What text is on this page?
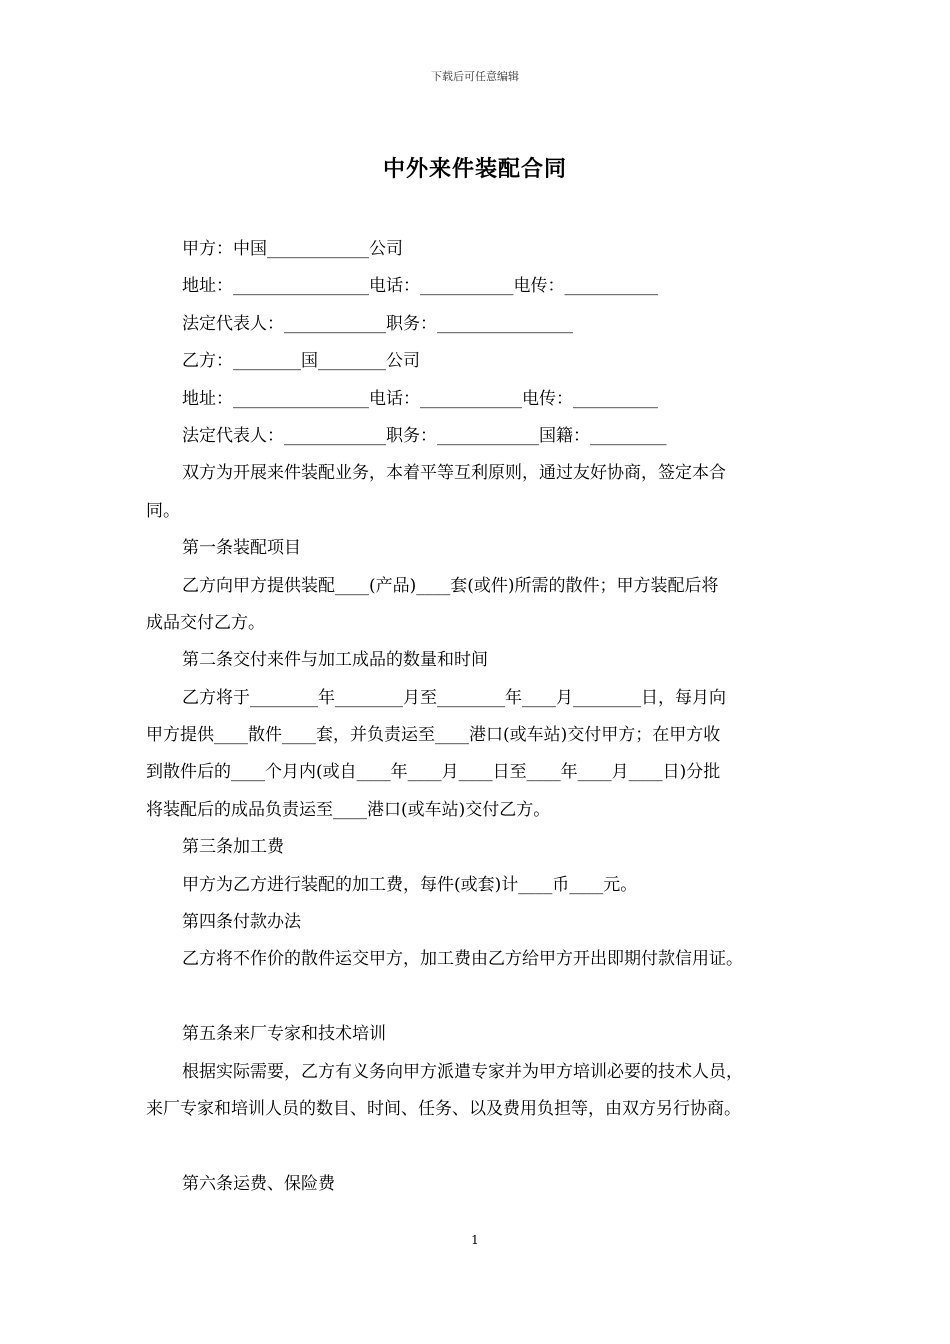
下载后可任意编辑
中外来件装配合同
甲方：中国____________公司
地址：________________电话：___________电传：___________
法定代表人：____________职务：________________
乙方：________国________公司
地址：________________电话：____________电传：__________
法定代表人：____________职务：____________国籍：_________
双方为开展来件装配业务，本着平等互利原则，通过友好协商，签定本合
同。
第一条装配项目
乙方向甲方提供装配____(产品)____套(或件)所需的散件；甲方装配后将
成品交付乙方。
第二条交付来件与加工成品的数量和时间
乙方将于________年________月至________年____月________日，每月向
甲方提供____散件____套，并负责运至____港口(或车站)交付甲方；在甲方收
到散件后的____个月内(或自____年____月____日至____年____月____日)分批
将装配后的成品负责运至____港口(或车站)交付乙方。
第三条加工费
甲方为乙方进行装配的加工费，每件(或套)计____币____元。
第四条付款办法
乙方将不作价的散件运交甲方，加工费由乙方给甲方开出即期付款信用证。
第五条来厂专家和技术培训
根据实际需要，乙方有义务向甲方派遣专家并为甲方培训必要的技术人员，
来厂专家和培训人员的数目、时间、任务、以及费用负担等，由双方另行协商。
第六条运费、保险费
1
